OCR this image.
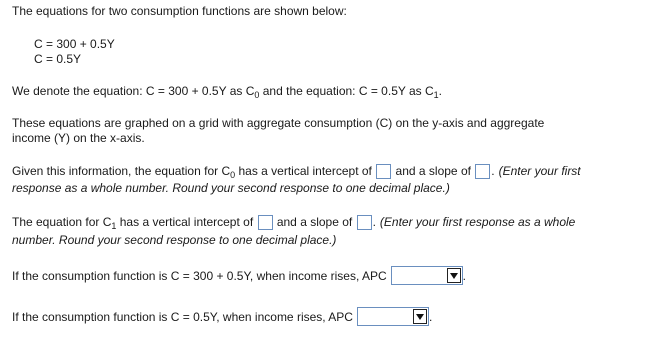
The equations for two consumption functions are shown below:
C = 300 + 0.5Y
C = 0.5Y
We denote the equation: C = 300 + 0.5Y as $C_0$ and the equation: C = 0.5Y as $C_1$.
These equations are graphed on a grid with aggregate consumption (C) on the y-axis and aggregate
income (Y) on the x-axis.
Given this information, the equation for $C_0$ has a vertical intercept of  and a slope of . (Enter your first
response as a whole number. Round your second response to one decimal place.)
The equation for $C_1$ has a vertical intercept of  and a slope of . (Enter your first response as a whole
number. Round your second response to one decimal place.)
If the consumption function is C = 300 + 0.5Y, when income rises, APC	.
If the consumption function is C = 0.5Y, when income rises, APC	.
